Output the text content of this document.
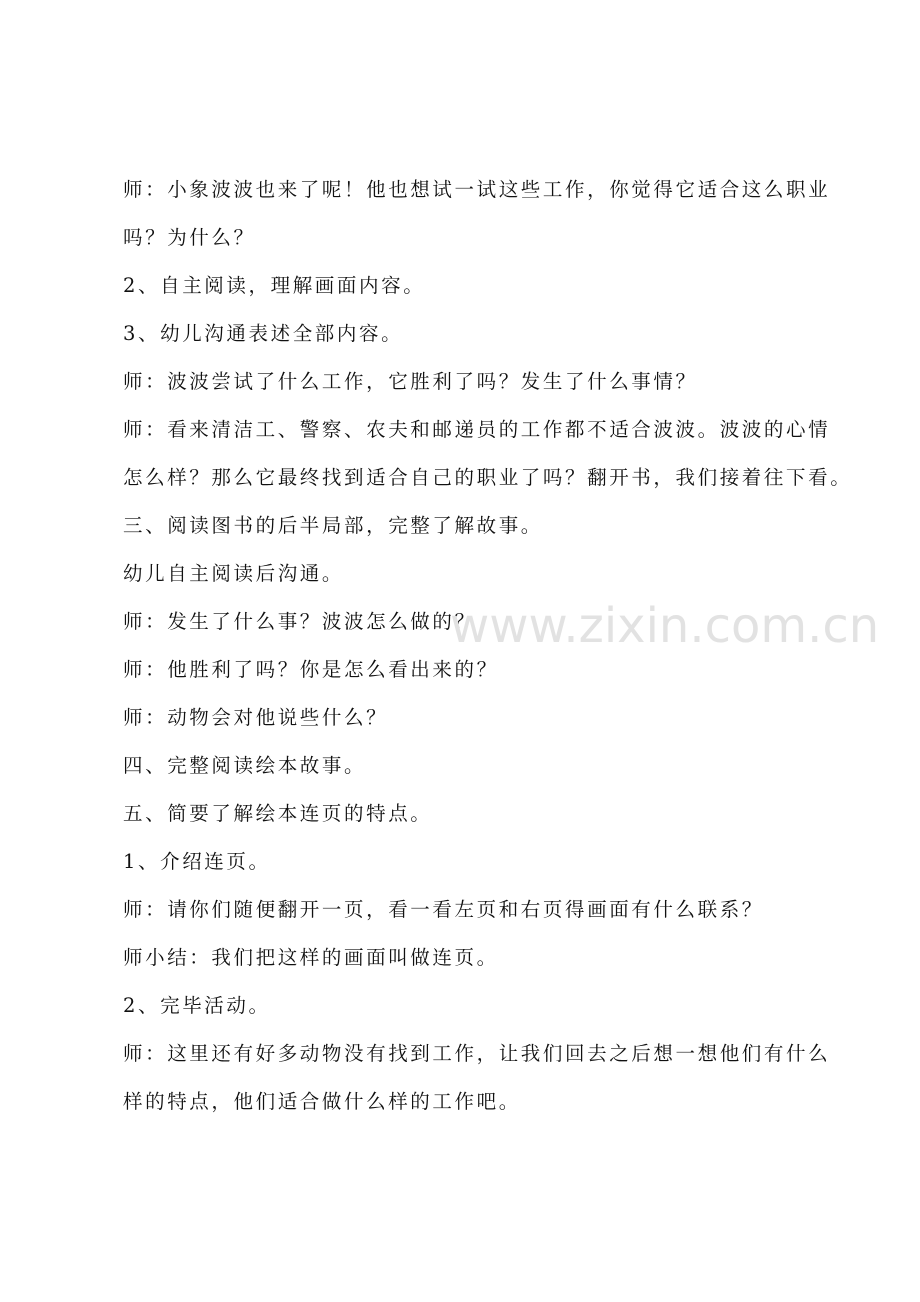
师：小象波波也来了呢！他也想试一试这些工作，你觉得它适合这么职业
吗？为什么？
2、自主阅读，理解画面内容。
3、幼儿沟通表述全部内容。
师：波波尝试了什么工作，它胜利了吗？发生了什么事情？
师：看来清洁工、警察、农夫和邮递员的工作都不适合波波。波波的心情
怎么样？那么它最终找到适合自己的职业了吗？翻开书，我们接着往下看。
三、阅读图书的后半局部，完整了解故事。
幼儿自主阅读后沟通。
师：发生了什么事？波波怎么做的？
师：他胜利了吗？你是怎么看出来的？
师：动物会对他说些什么？
四、完整阅读绘本故事。
五、简要了解绘本连页的特点。
1、介绍连页。
师：请你们随便翻开一页，看一看左页和右页得画面有什么联系？
师小结：我们把这样的画面叫做连页。
2、完毕活动。
师：这里还有好多动物没有找到工作，让我们回去之后想一想他们有什么
样的特点，他们适合做什么样的工作吧。
www.zixin.com.cn
